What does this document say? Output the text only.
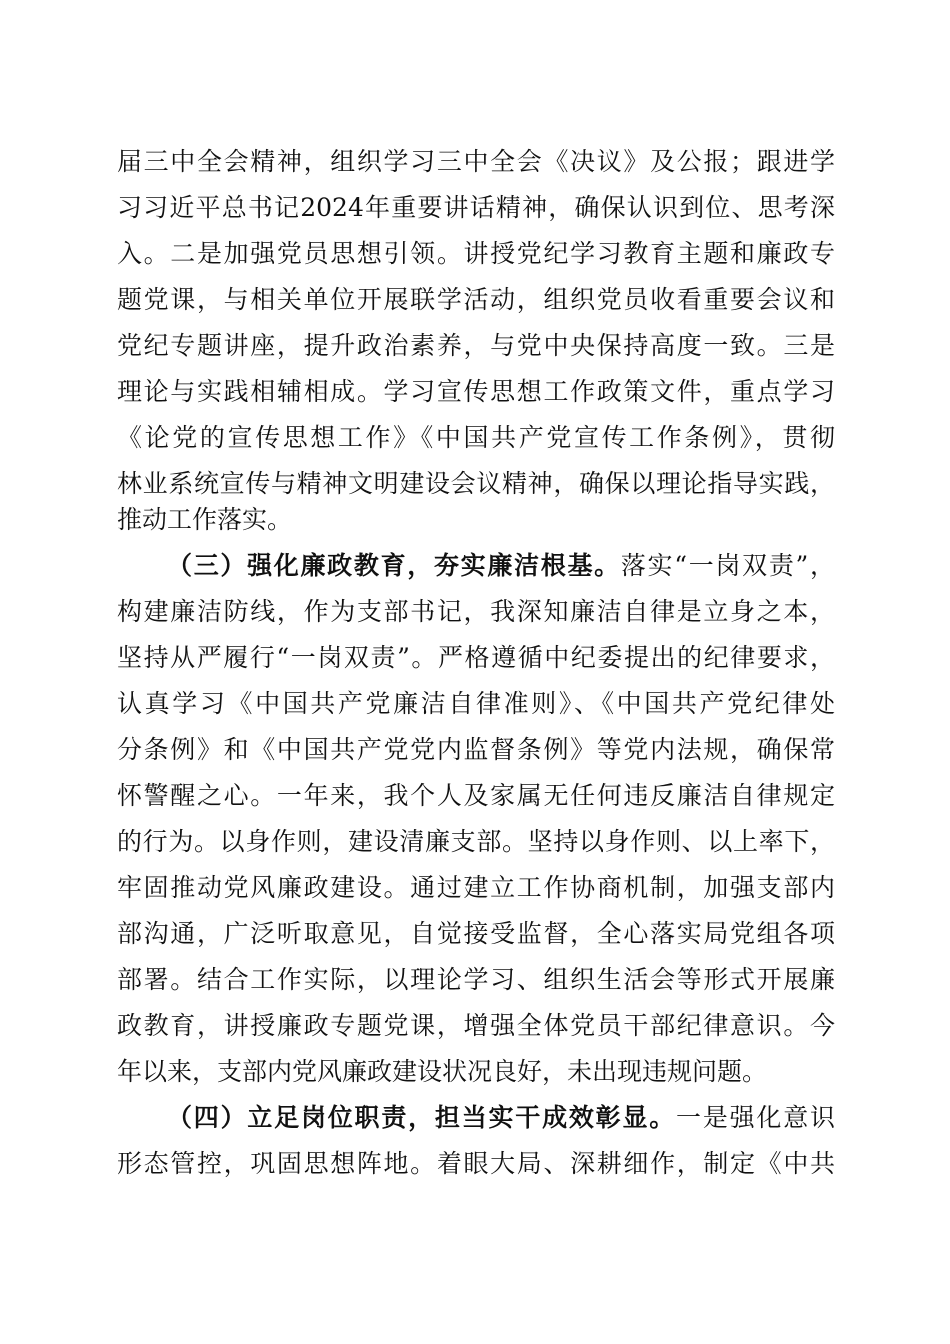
届三中全会精神，组织学习三中全会《决议》及公报；跟进学
习习近平总书记2024年重要讲话精神，确保认识到位、思考深
入。二是加强党员思想引领。讲授党纪学习教育主题和廉政专
题党课，与相关单位开展联学活动，组织党员收看重要会议和
党纪专题讲座，提升政治素养，与党中央保持高度一致。三是
理论与实践相辅相成。学习宣传思想工作政策文件，重点学习
《论党的宣传思想工作》《中国共产党宣传工作条例》，贯彻
林业系统宣传与精神文明建设会议精神，确保以理论指导实践，
推动工作落实。
（三）强化廉政教育，夯实廉洁根基。落实“一岗双责”，
构建廉洁防线，作为支部书记，我深知廉洁自律是立身之本，
坚持从严履行“一岗双责”。严格遵循中纪委提出的纪律要求，
认真学习《中国共产党廉洁自律准则》、《中国共产党纪律处
分条例》和《中国共产党党内监督条例》等党内法规，确保常
怀警醒之心。一年来，我个人及家属无任何违反廉洁自律规定
的行为。以身作则，建设清廉支部。坚持以身作则、以上率下，
牢固推动党风廉政建设。通过建立工作协商机制，加强支部内
部沟通，广泛听取意见，自觉接受监督，全心落实局党组各项
部署。结合工作实际，以理论学习、组织生活会等形式开展廉
政教育，讲授廉政专题党课，增强全体党员干部纪律意识。今
年以来，支部内党风廉政建设状况良好，未出现违规问题。
（四）立足岗位职责，担当实干成效彰显。一是强化意识
形态管控，巩固思想阵地。着眼大局、深耕细作，制定《中共
